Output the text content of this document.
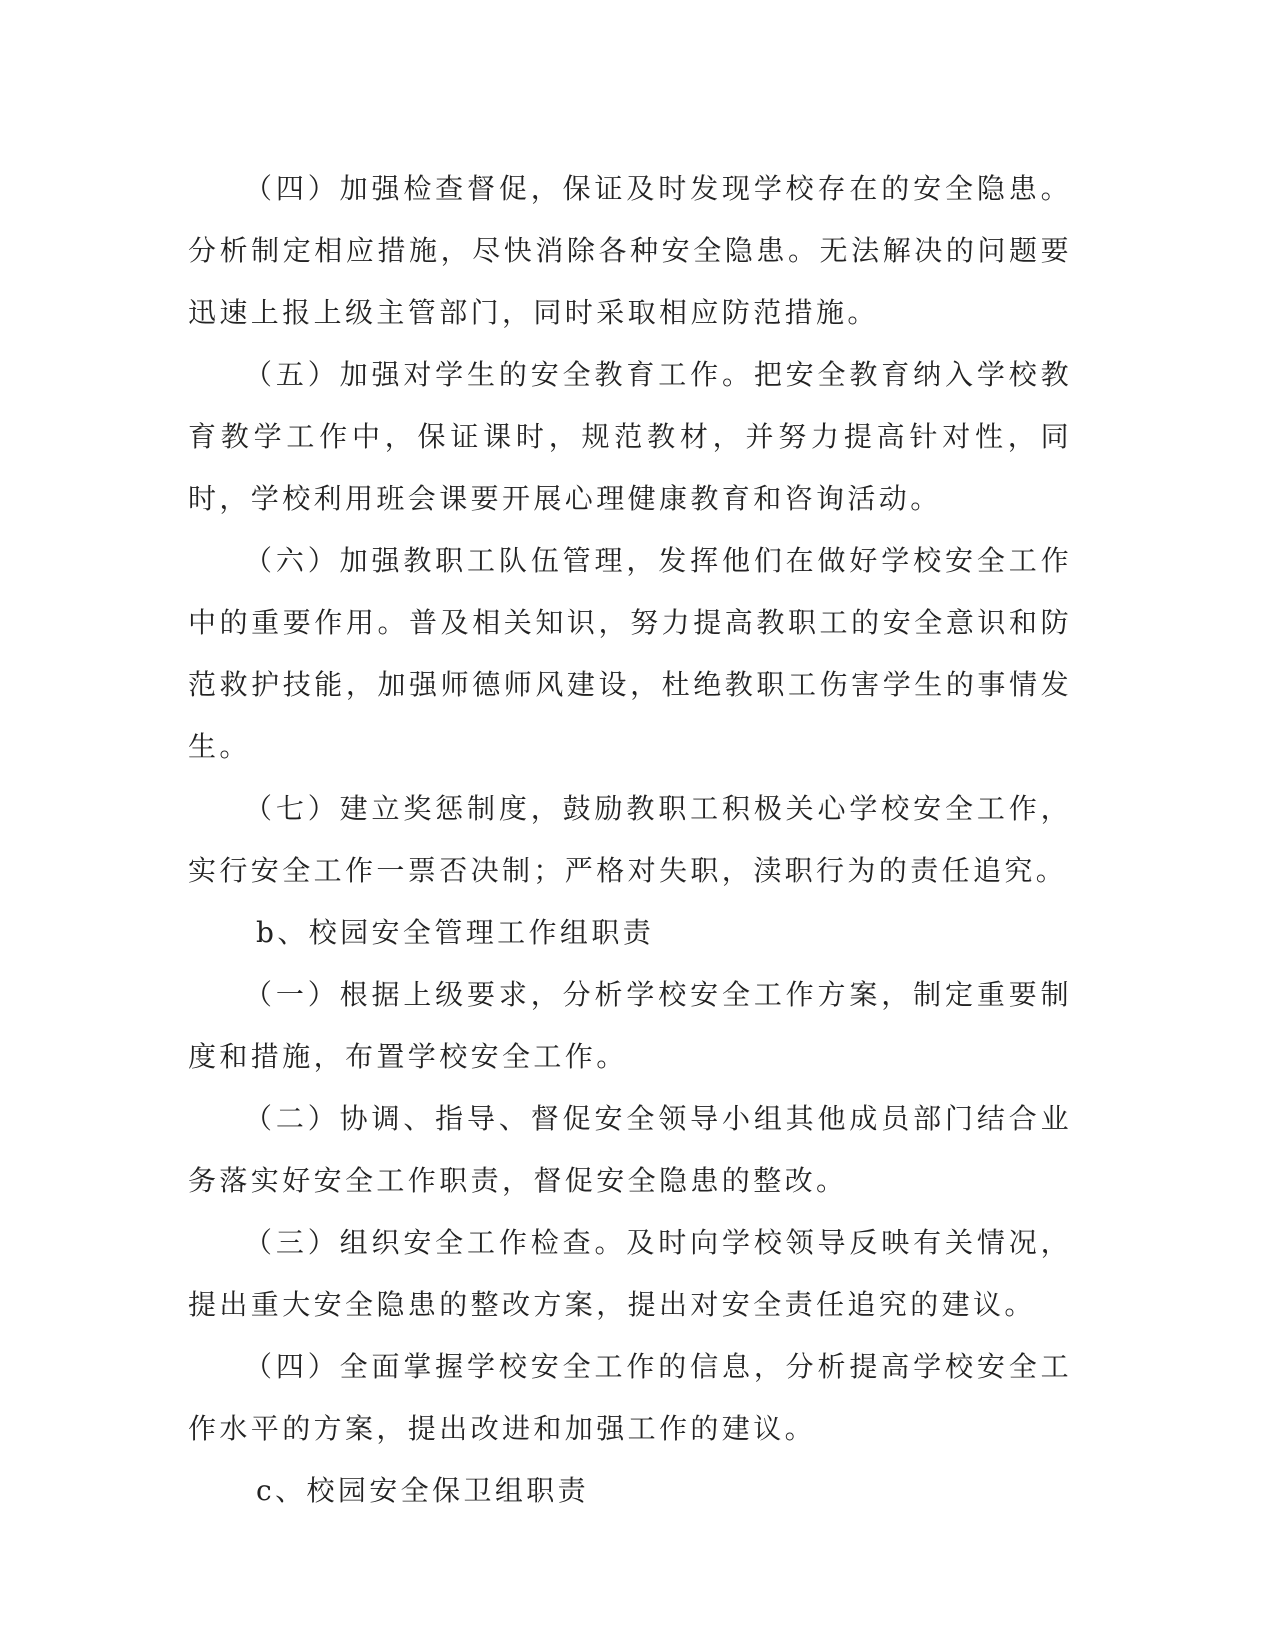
（四）加强检查督促，保证及时发现学校存在的安全隐患。分析制定相应措施，尽快消除各种安全隐患。无法解决的问题要迅速上报上级主管部门，同时采取相应防范措施。

（五）加强对学生的安全教育工作。把安全教育纳入学校教育教学工作中，保证课时，规范教材，并努力提高针对性，同时，学校利用班会课要开展心理健康教育和咨询活动。

（六）加强教职工队伍管理，发挥他们在做好学校安全工作中的重要作用。普及相关知识，努力提高教职工的安全意识和防范救护技能，加强师德师风建设，杜绝教职工伤害学生的事情发生。

（七）建立奖惩制度，鼓励教职工积极关心学校安全工作，实行安全工作一票否决制；严格对失职，渎职行为的责任追究。

b、校园安全管理工作组职责

（一）根据上级要求，分析学校安全工作方案，制定重要制度和措施，布置学校安全工作。

（二）协调、指导、督促安全领导小组其他成员部门结合业务落实好安全工作职责，督促安全隐患的整改。

（三）组织安全工作检查。及时向学校领导反映有关情况，提出重大安全隐患的整改方案，提出对安全责任追究的建议。

（四）全面掌握学校安全工作的信息，分析提高学校安全工作水平的方案，提出改进和加强工作的建议。

c、校园安全保卫组职责
